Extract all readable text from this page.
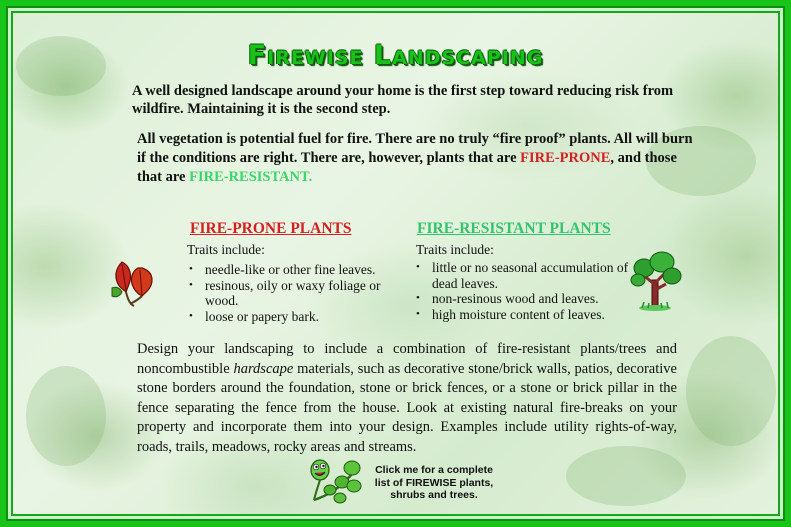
Firewise Landscaping
A well designed landscape around your home is the first step toward reducing risk from wildfire. Maintaining it is the second step.
All vegetation is potential fuel for fire. There are no truly “fire proof” plants. All will burn if the conditions are right. There are, however, plants that are FIRE-PRONE, and those that are FIRE-RESISTANT.
FIRE-PRONE PLANTS
Traits include:
• needle-like or other fine leaves.
• resinous, oily or waxy foliage or wood.
• loose or papery bark.
FIRE-RESISTANT PLANTS
Traits include:
• little or no seasonal accumulation of dead leaves.
• non-resinous wood and leaves.
• high moisture content of leaves.
Design your landscaping to include a combination of fire-resistant plants/trees and noncombustible hardscape materials, such as decorative stone/brick walls, patios, decorative stone borders around the foundation, stone or brick fences, or a stone or brick pillar in the fence separating the fence from the house. Look at existing natural fire-breaks on your property and incorporate them into your design. Examples include utility rights-of-way, roads, trails, meadows, rocky areas and streams.
Click me for a complete list of FIREWISE plants, shrubs and trees.
